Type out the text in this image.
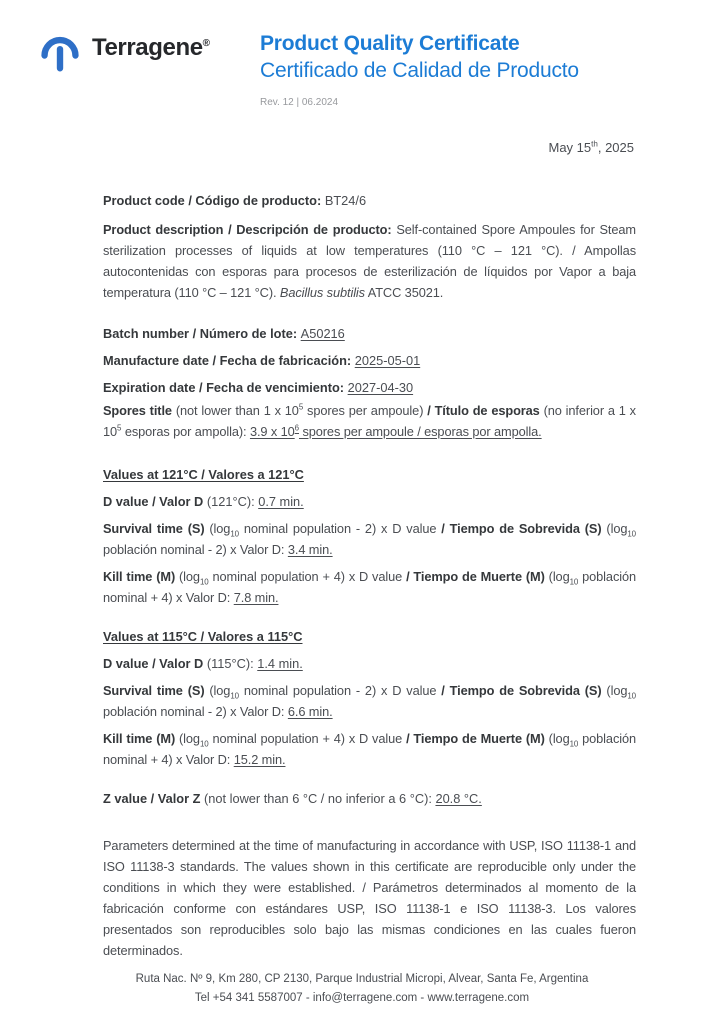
Terragene® Product Quality Certificate
Certificado de Calidad de Producto
Rev. 12 | 06.2024
May 15th, 2025

Product code / Código de producto: BT24/6

Product description / Descripción de producto: Self-contained Spore Ampoules for Steam sterilization processes of liquids at low temperatures (110 °C – 121 °C). / Ampollas autocontenidas con esporas para procesos de esterilización de líquidos por Vapor a baja temperatura (110 °C – 121 °C). Bacillus subtilis ATCC 35021.

Batch number / Número de lote: A50216

Manufacture date / Fecha de fabricación: 2025-05-01

Expiration date / Fecha de vencimiento: 2027-04-30

Spores title (not lower than 1 x $10^5$ spores per ampoule) / Título de esporas (no inferior a 1 x $10^5$ esporas por ampolla): 3.9 x $10^6$ spores per ampoule / esporas por ampolla.

Values at 121°C / Valores a 121°C

D value / Valor D (121°C): 0.7 min.

Survival time (S) ($\log_{10}$ nominal population - 2) x D value / Tiempo de Sobrevida (S) ($\log_{10}$ población nominal - 2) x Valor D: 3.4 min.

Kill time (M) ($\log_{10}$ nominal population + 4) x D value / Tiempo de Muerte (M) ($\log_{10}$ población nominal + 4) x Valor D: 7.8 min.

Values at 115°C / Valores a 115°C

D value / Valor D (115°C): 1.4 min.

Survival time (S) ($\log_{10}$ nominal population - 2) x D value / Tiempo de Sobrevida (S) ($\log_{10}$ población nominal - 2) x Valor D: 6.6 min.

Kill time (M) ($\log_{10}$ nominal population + 4) x D value / Tiempo de Muerte (M) ($\log_{10}$ población nominal + 4) x Valor D: 15.2 min.

Z value / Valor Z (not lower than 6 °C / no inferior a 6 °C): 20.8 °C.

Parameters determined at the time of manufacturing in accordance with USP, ISO 11138-1 and ISO 11138-3 standards. The values shown in this certificate are reproducible only under the conditions in which they were established. / Parámetros determinados al momento de la fabricación conforme con estándares USP, ISO 11138-1 e ISO 11138-3. Los valores presentados son reproducibles solo bajo las mismas condiciones en las cuales fueron determinados.

Ruta Nac. Nº 9, Km 280, CP 2130, Parque Industrial Micropi, Alvear, Santa Fe, Argentina
Tel +54 341 5587007 - info@terragene.com - www.terragene.com
